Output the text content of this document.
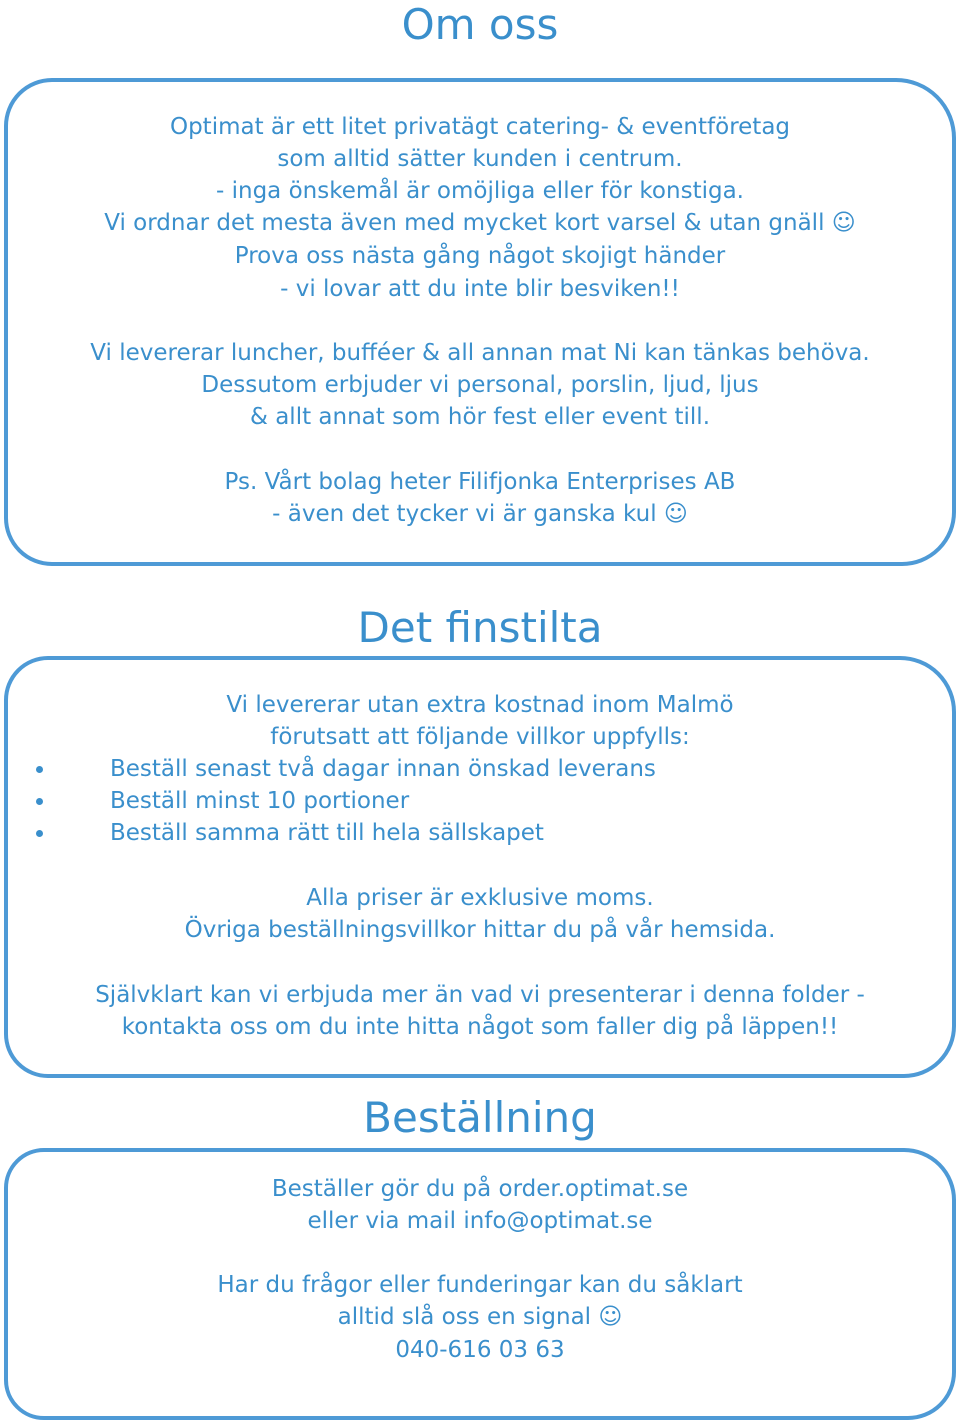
Om oss
Optimat är ett litet privatägt catering- & eventföretag
som alltid sätter kunden i centrum.
- inga önskemål är omöjliga eller för konstiga.
Vi ordnar det mesta även med mycket kort varsel & utan gnäll ☺
Prova oss nästa gång något skojigt händer
- vi lovar att du inte blir besviken!!
Vi levererar luncher, bufféer & all annan mat Ni kan tänkas behöva.
Dessutom erbjuder vi personal, porslin, ljud, ljus
& allt annat som hör fest eller event till.
Ps. Vårt bolag heter Filifjonka Enterprises AB
- även det tycker vi är ganska kul ☺
Det finstilta
Vi levererar utan extra kostnad inom Malmö
förutsatt att följande villkor uppfylls:
Beställ senast två dagar innan önskad leverans
Beställ minst 10 portioner
Beställ samma rätt till hela sällskapet
Alla priser är exklusive moms.
Övriga beställningsvillkor hittar du på vår hemsida.
Självklart kan vi erbjuda mer än vad vi presenterar i denna folder -
kontakta oss om du inte hitta något som faller dig på läppen!!
Beställning
Beställer gör du på order.optimat.se
eller via mail info@optimat.se
Har du frågor eller funderingar kan du såklart
alltid slå oss en signal ☺
040-616 03 63
